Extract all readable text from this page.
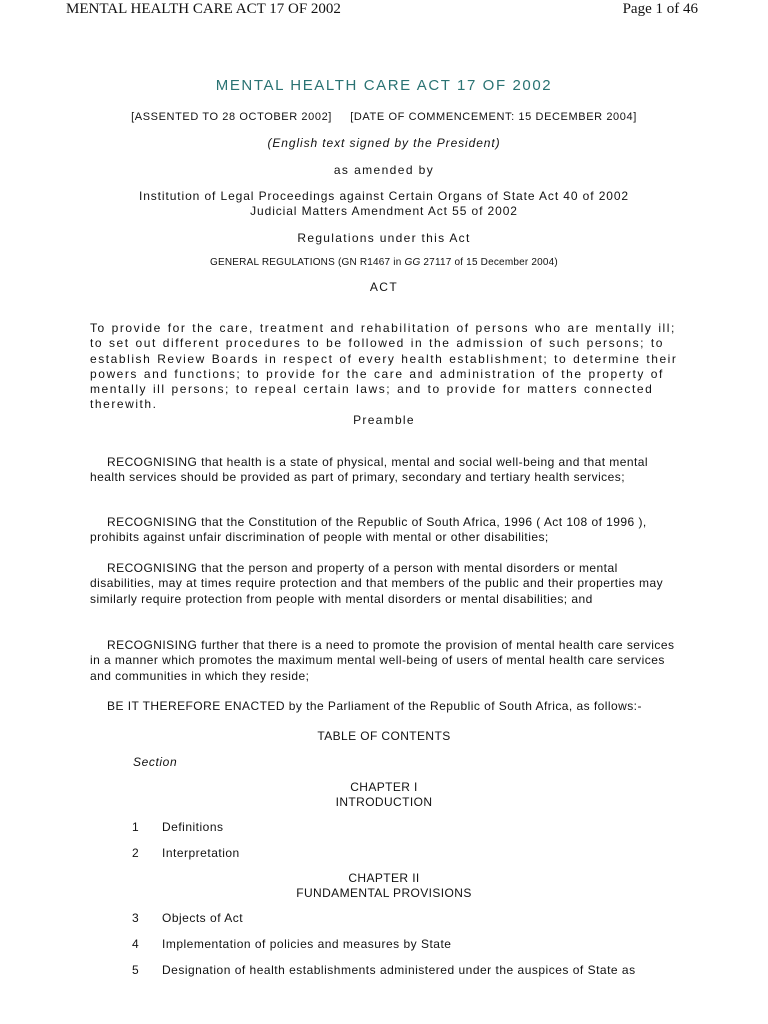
MENTAL HEALTH CARE ACT 17 OF 2002	Page 1 of 46
MENTAL HEALTH CARE ACT 17 OF 2002
[ASSENTED TO 28 OCTOBER 2002]     [DATE OF COMMENCEMENT: 15 DECEMBER 2004]
(English text signed by the President)
as amended by
Institution of Legal Proceedings against Certain Organs of State Act 40 of 2002
Judicial Matters Amendment Act 55 of 2002
Regulations under this Act
GENERAL REGULATIONS (GN R1467 in GG 27117 of 15 December 2004)
ACT
To provide for the care, treatment and rehabilitation of persons who are mentally ill; to set out different procedures to be followed in the admission of such persons; to establish Review Boards in respect of every health establishment; to determine their powers and functions; to provide for the care and administration of the property of mentally ill persons; to repeal certain laws; and to provide for matters connected therewith.
Preamble
RECOGNISING that health is a state of physical, mental and social well-being and that mental health services should be provided as part of primary, secondary and tertiary health services;
RECOGNISING that the Constitution of the Republic of South Africa, 1996 ( Act 108 of 1996 ), prohibits against unfair discrimination of people with mental or other disabilities;
RECOGNISING that the person and property of a person with mental disorders or mental disabilities, may at times require protection and that members of the public and their properties may similarly require protection from people with mental disorders or mental disabilities; and
RECOGNISING further that there is a need to promote the provision of mental health care services in a manner which promotes the maximum mental well-being of users of mental health care services and communities in which they reside;
BE IT THEREFORE ENACTED by the Parliament of the Republic of South Africa, as follows:-
TABLE OF CONTENTS
Section
CHAPTER I
INTRODUCTION
1 Definitions
2 Interpretation
CHAPTER II
FUNDAMENTAL PROVISIONS
3 Objects of Act
4 Implementation of policies and measures by State
5 Designation of health establishments administered under the auspices of State as
